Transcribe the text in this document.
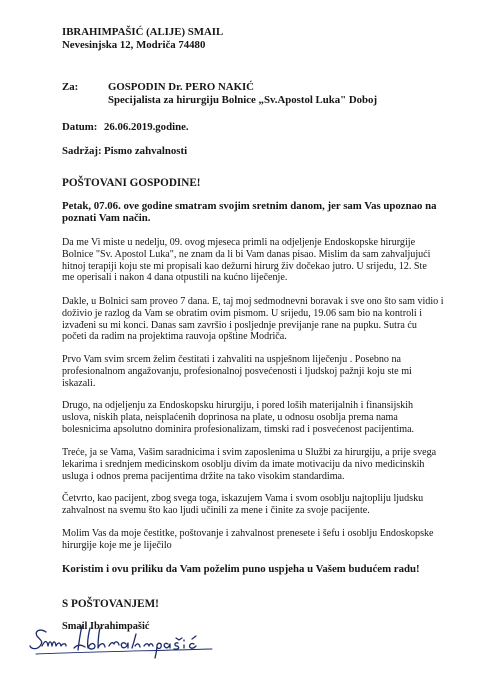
IBRAHIMPAŠIĆ (ALIJE) SMAIL
Nevesinjska 12, Modriča 74480
Za:	GOSPODIN Dr. PERO NAKIĆ
Specijalista za hirurgiju Bolnice „Sv.Apostol Luka" Doboj
Datum: 26.06.2019.godine.
Sadržaj: Pismo zahvalnosti
POŠTOVANI GOSPODINE!
Petak, 07.06. ove godine smatram svojim sretnim danom, jer sam Vas upoznao na
poznati Vam način.
Da me Vi miste u nedelju, 09. ovog mjeseca primli na odjeljenje Endoskopske hirurgije
Bolnice "Sv. Apostol Luka", ne znam da li bi Vam danas pisao. Mislim da sam zahvaljujući
hitnoj terapiji koju ste mi propisali kao dežurni hirurg živ dočekao jutro. U srijedu, 12. Ste
me operisali i nakon 4 dana otpustili na kućno liječenje.
Dakle, u Bolnici sam proveo 7 dana. E, taj moj sedmodnevni boravak i sve ono što sam vidio i
doživio je razlog da Vam se obratim ovim pismom. U srijedu, 19.06 sam bio na kontroli i
izvađeni su mi konci. Danas sam završio i posljednje previjanje rane na pupku. Sutra ću
početi da radim na projektima rauvoja opštine Modriča.
Prvo Vam svim srcem želim čestitati i zahvaliti na uspješnom liječenju . Posebno na
profesionalnom angažovanju, profesionalnoj posvećenosti i ljudskoj pažnji koju ste mi
iskazali.
Drugo, na odjeljenju za Endoskopsku hirurgiju, i pored loših materijalnih i finansijskih
uslova, niskih plata, neisplaćenih doprinosa na plate, u odnosu osoblja prema nama
bolesnicima apsolutno dominira profesionalizam, timski rad i posvećenost pacijentima.
Treće, ja se Vama, Vašim saradnicima i svim zaposlenima u Službi za hirurgiju, a prije svega
lekarima i srednjem medicinskom osoblju divim da imate motivaciju da nivo medicinskih
usluga i odnos prema pacijentima držite na tako visokim standardima.
Četvrto, kao pacijent, zbog svega toga, iskazujem Vama i svom osoblju najtopliju ljudsku
zahvalnost na svemu što kao ljudi učinili za mene i činite za svoje pacijente.
Molim Vas da moje čestitke, poštovanje i zahvalnost prenesete i šefu i osoblju Endoskopske
hirurgije koje me je liječilo
Koristim i ovu priliku da Vam poželim puno uspjeha u Vašem budućem radu!
S POŠTOVANJEM!
Smail Ibrahimpašić
